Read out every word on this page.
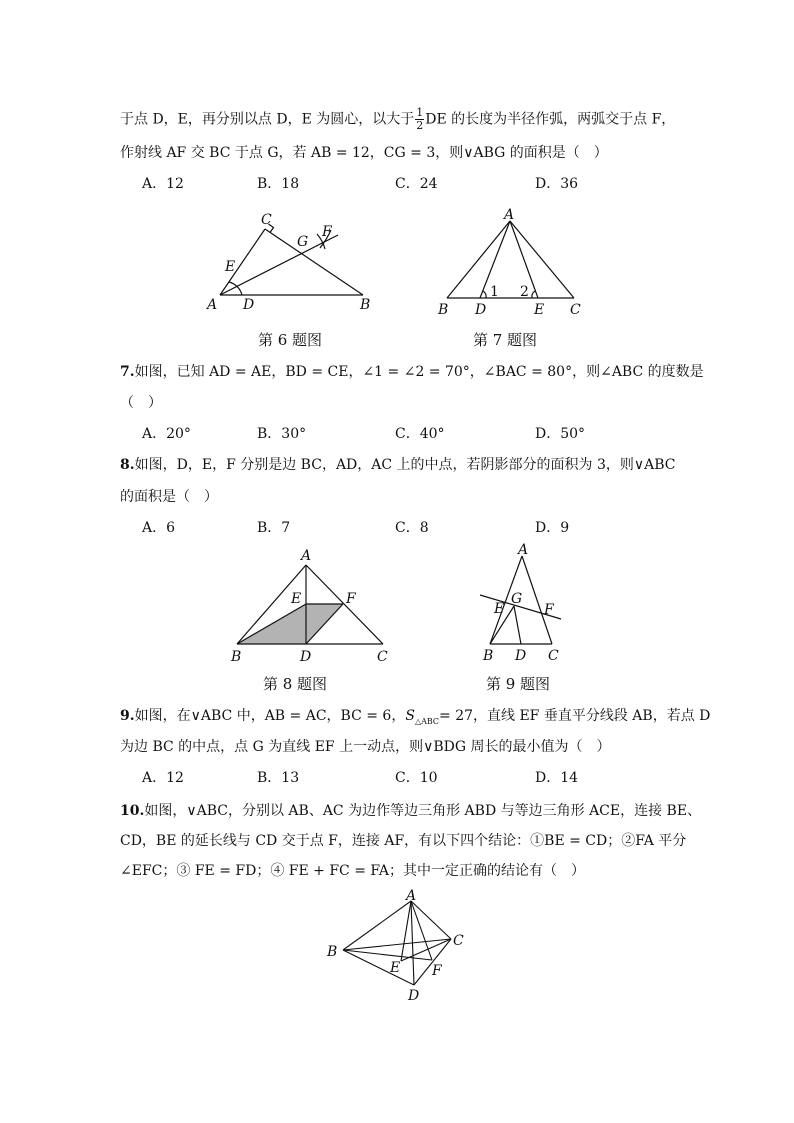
于点 D，E，再分别以点 D，E 为圆心，以大于 $\frac{1}{2}$ DE 的长度为半径作弧，两弧交于点 F，
作射线 AF 交 BC 于点 G，若 AB = 12，CG = 3，则∨ABG 的面积是（　）
A．12	B．18	C．24	D．36
A	B
C
D
E
F
G
A
B	C
D	E
1 2
第 6 题图	第 7 题图
7.如图，已知 AD = AE，BD = CE，∠1 = ∠2 = 70°，∠BAC = 80°，则∠ABC 的度数是
（　）
A．20°	B．30°	C．40°	D．50°
8.如图，D，E，F 分别是边 BC，AD，AC 上的中点，若阴影部分的面积为 3，则∨ABC
的面积是（　）
A．6	B．7	C．8	D．9
A
B	C
D
E	F
A
B	C
D
E	F
G
第 8 题图	第 9 题图
9.如图，在∨ABC 中，AB = AC，BC = 6，$S_{\triangle ABC}= 27$，直线 EF 垂直平分线段 AB，若点 D
为边 BC 的中点，点 G 为直线 EF 上一动点，则∨BDG 周长的最小值为（　）
A．12	B．13	C．10	D．14
10.如图，∨ABC，分别以 AB、AC 为边作等边三角形 ABD 与等边三角形 ACE，连接 BE、
CD，BE 的延长线与 CD 交于点 F，连接 AF，有以下四个结论：①BE = CD；②FA 平分
∠EFC；③ FE = FD；④ FE + FC = FA；其中一定正确的结论有（　）
A
B
C
D
E F
